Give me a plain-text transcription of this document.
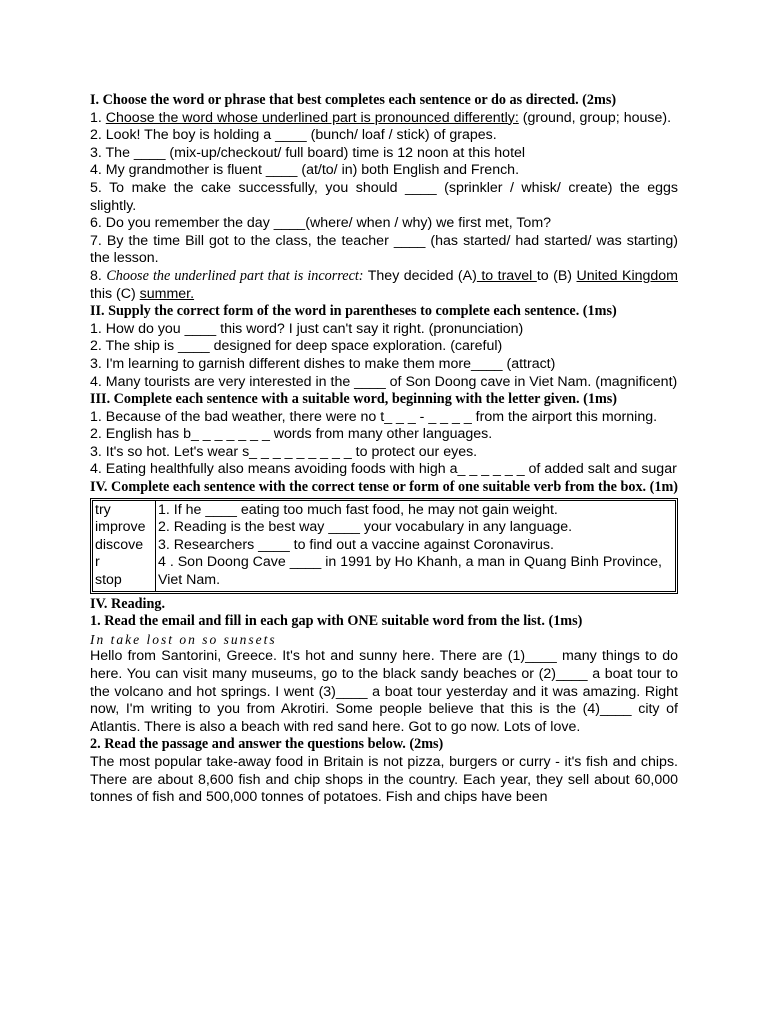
I. Choose the word or phrase that best completes each sentence or do as directed. (2ms)

1. Choose the word whose underlined part is pronounced differently: (ground, group; house).

2. Look! The boy is holding a ____ (bunch/ loaf / stick) of grapes.

3. The ____ (mix-up/checkout/ full board) time is 12 noon at this hotel

4. My grandmother is fluent ____ (at/to/ in) both English and French.

5. To make the cake successfully, you should ____ (sprinkler / whisk/ create) the eggs slightly.

6. Do you remember the day ____(where/ when / why) we first met, Tom?

7. By the time Bill got to the class, the teacher ____ (has started/ had started/ was starting) the lesson.

8. Choose the underlined part that is incorrect: They decided (A) to travel to (B) United Kingdom this (C) summer.

II. Supply the correct form of the word in parentheses to complete each sentence. (1ms)

1. How do you ____ this word? I just can't say it right. (pronunciation)

2. The ship is ____ designed for deep space exploration. (careful)

3. I'm learning to garnish different dishes to make them more____ (attract)

4. Many tourists are very interested in the ____ of Son Doong cave in Viet Nam. (magnificent)

III. Complete each sentence with a suitable word, beginning with the letter given. (1ms)

1. Because of the bad weather, there were no t_ _ _ - _ _ _ _ from the airport this morning.

2. English has b_ _ _ _ _ _ _ words from many other languages.

3. It's so hot. Let's wear s_ _ _ _ _ _ _ _ _ to protect our eyes.

4. Eating healthfully also means avoiding foods with high a_ _ _ _ _ _ of added salt and sugar

IV. Complete each sentence with the correct tense or form of one suitable verb from the box. (1m)

try
improve
discove
r
stop

1. If he ____ eating too much fast food, he may not gain weight.
2. Reading is the best way ____ your vocabulary in any language.
3. Researchers ____ to find out a vaccine against Coronavirus.
4 . Son Doong Cave ____ in 1991 by Ho Khanh, a man in Quang Binh Province, Viet Nam.

IV. Reading.

1. Read the email and fill in each gap with ONE suitable word from the list. (1ms)

In take lost on so sunsets

Hello from Santorini, Greece. It's hot and sunny here. There are (1)____ many things to do here. You can visit many museums, go to the black sandy beaches or (2)____ a boat tour to the volcano and hot springs. I went (3)____ a boat tour yesterday and it was amazing. Right now, I'm writing to you from Akrotiri. Some people believe that this is the (4)____ city of Atlantis. There is also a beach with red sand here. Got to go now. Lots of love.

2. Read the passage and answer the questions below. (2ms)

The most popular take-away food in Britain is not pizza, burgers or curry - it's fish and chips. There are about 8,600 fish and chip shops in the country. Each year, they sell about 60,000 tonnes of fish and 500,000 tonnes of potatoes. Fish and chips have been
